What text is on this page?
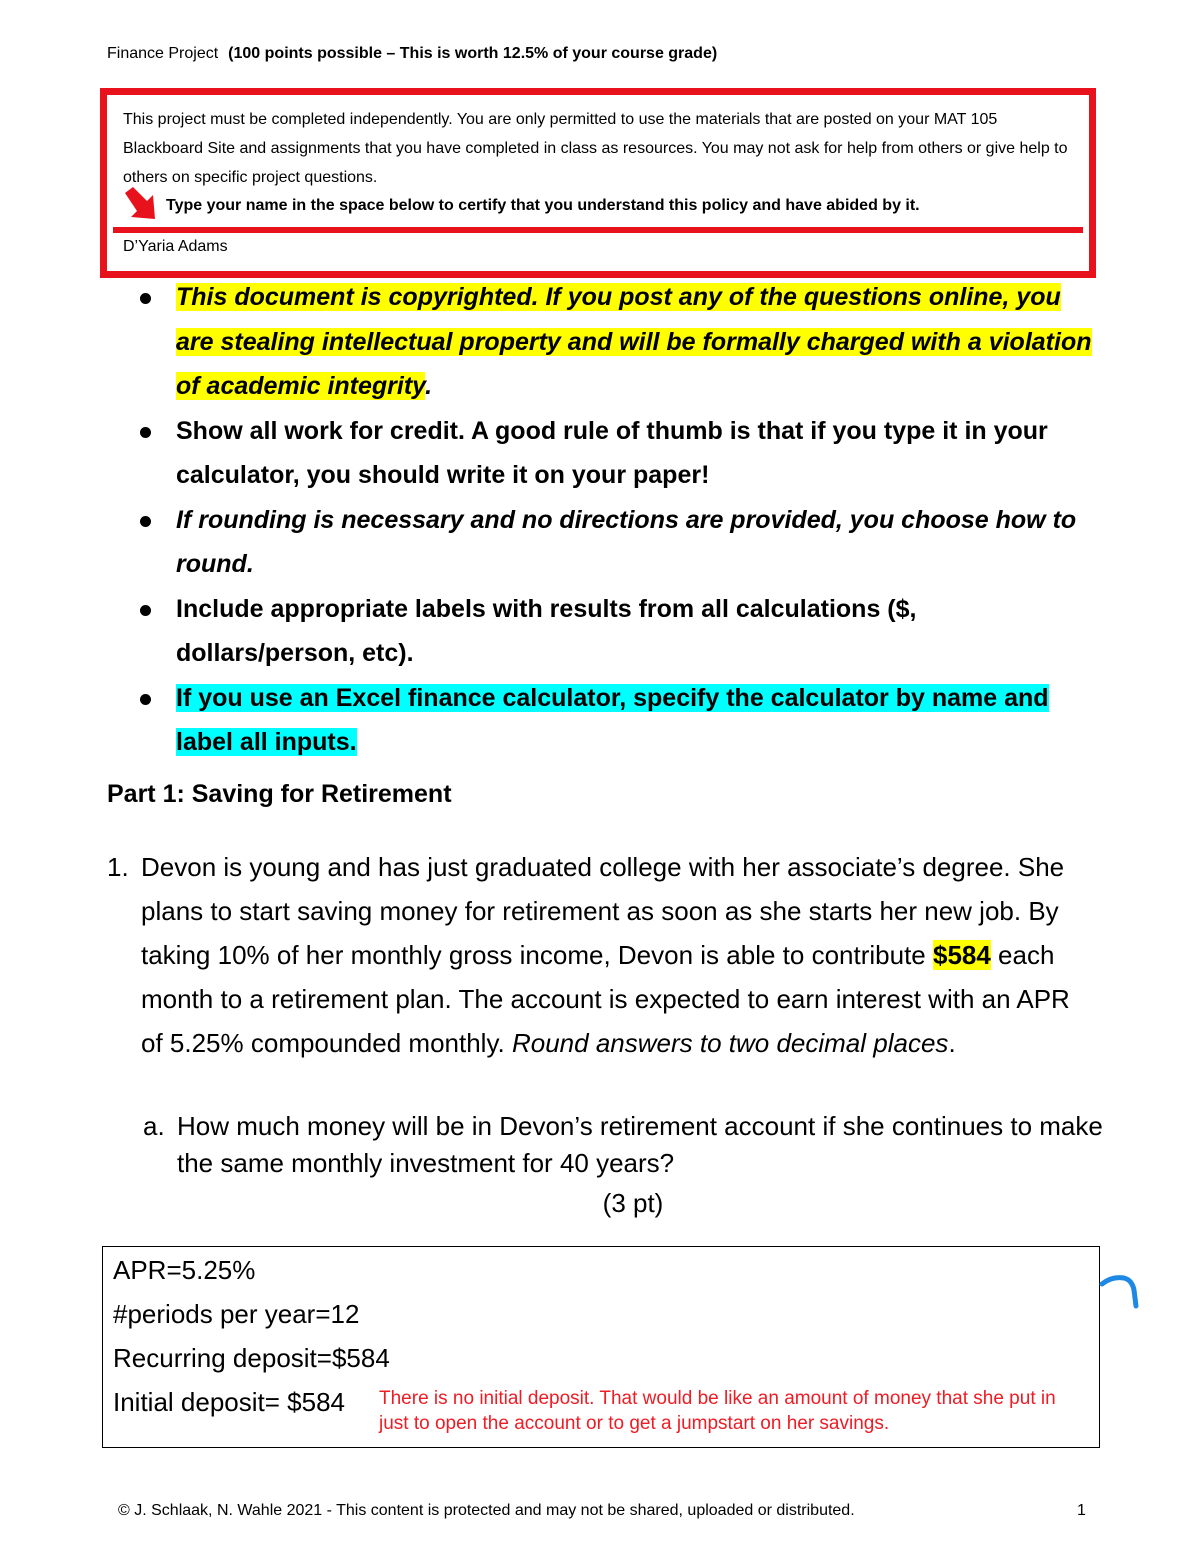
Finance Project (100 points possible – This is worth 12.5% of your course grade)
This project must be completed independently. You are only permitted to use the materials that are posted on your MAT 105 Blackboard Site and assignments that you have completed in class as resources. You may not ask for help from others or give help to others on specific project questions.
Type your name in the space below to certify that you understand this policy and have abided by it.
D’Yaria Adams
This document is copyrighted. If you post any of the questions online, you are stealing intellectual property and will be formally charged with a violation of academic integrity.
Show all work for credit. A good rule of thumb is that if you type it in your calculator, you should write it on your paper!
If rounding is necessary and no directions are provided, you choose how to round.
Include appropriate labels with results from all calculations ($, dollars/person, etc).
If you use an Excel finance calculator, specify the calculator by name and label all inputs.
Part 1: Saving for Retirement
1. Devon is young and has just graduated college with her associate’s degree. She plans to start saving money for retirement as soon as she starts her new job. By taking 10% of her monthly gross income, Devon is able to contribute $584 each month to a retirement plan. The account is expected to earn interest with an APR of 5.25% compounded monthly. Round answers to two decimal places.
a. How much money will be in Devon’s retirement account if she continues to make the same monthly investment for 40 years?
(3 pt)
APR=5.25%
#periods per year=12
Recurring deposit=$584
Initial deposit= $584 There is no initial deposit. That would be like an amount of money that she put in just to open the account or to get a jumpstart on her savings.
© J. Schlaak, N. Wahle 2021 - This content is protected and may not be shared, uploaded or distributed.	1
